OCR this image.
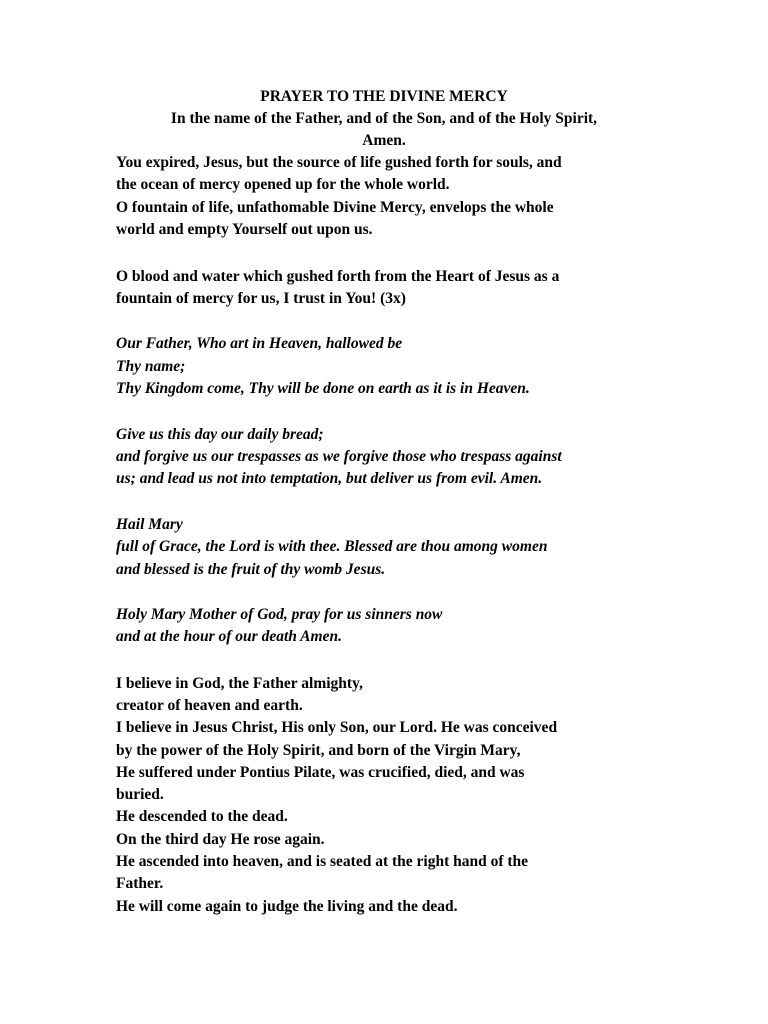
PRAYER TO THE DIVINE MERCY
In the name of the Father, and of the Son, and of the Holy Spirit,
Amen.
You expired, Jesus, but the source of life gushed forth for souls, and
the ocean of mercy opened up for the whole world.
O fountain of life, unfathomable Divine Mercy, envelops the whole
world and empty Yourself out upon us.
O blood and water which gushed forth from the Heart of Jesus as a
fountain of mercy for us, I trust in You! (3x)
Our Father, Who art in Heaven, hallowed be
Thy name;
Thy Kingdom come, Thy will be done on earth as it is in Heaven.
Give us this day our daily bread;
and forgive us our trespasses as we forgive those who trespass against
us; and lead us not into temptation, but deliver us from evil. Amen.
Hail Mary
full of Grace, the Lord is with thee. Blessed are thou among women
and blessed is the fruit of thy womb Jesus.
Holy Mary Mother of God, pray for us sinners now
and at the hour of our death Amen.
I believe in God, the Father almighty,
creator of heaven and earth.
I believe in Jesus Christ, His only Son, our Lord. He was conceived
by the power of the Holy Spirit, and born of the Virgin Mary,
He suffered under Pontius Pilate, was crucified, died, and was
buried.
He descended to the dead.
On the third day He rose again.
He ascended into heaven, and is seated at the right hand of the
Father.
He will come again to judge the living and the dead.
